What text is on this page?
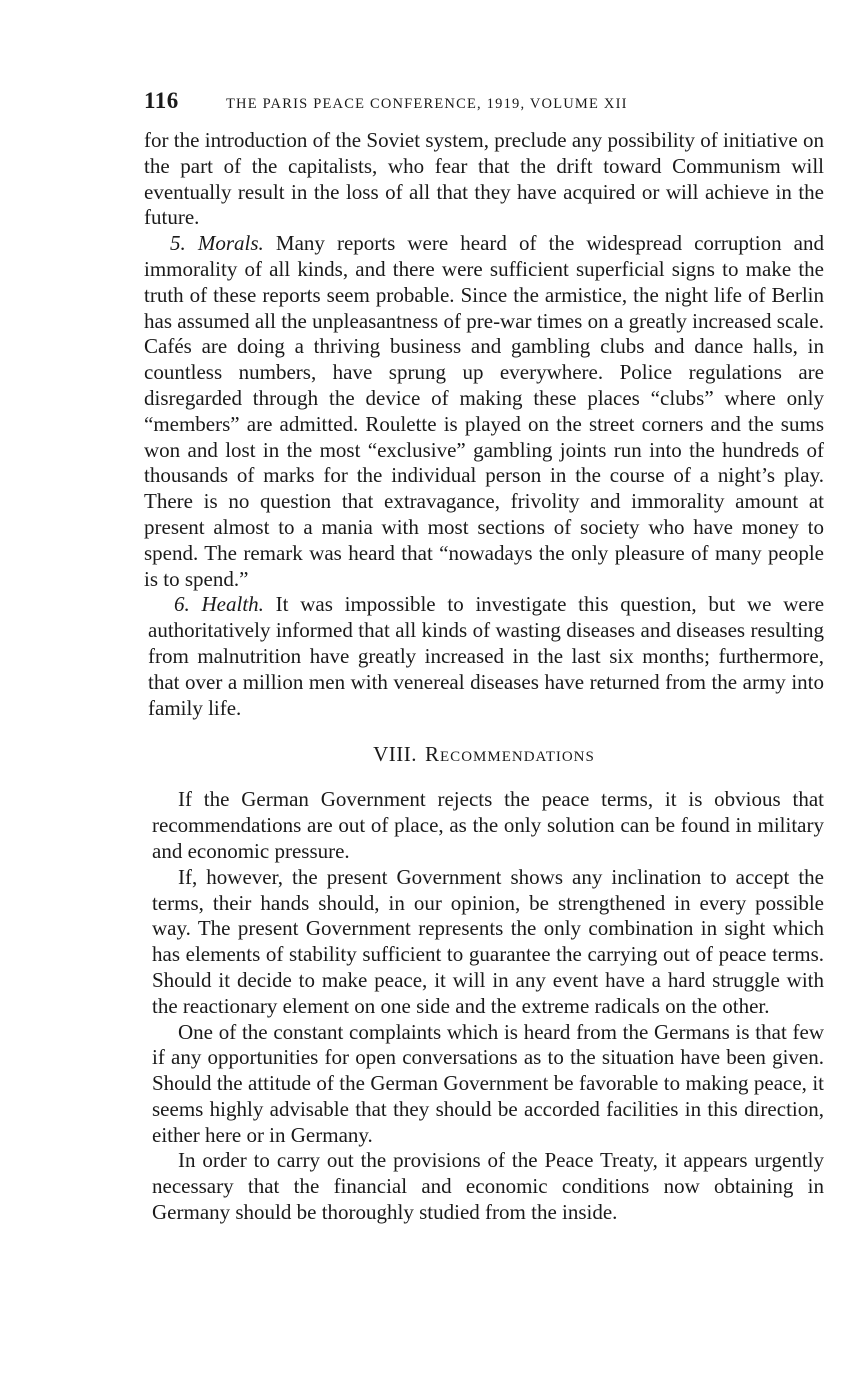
116	THE PARIS PEACE CONFERENCE, 1919, VOLUME XII

for the introduction of the Soviet system, preclude any possibility of initiative on the part of the capitalists, who fear that the drift toward Communism will eventually result in the loss of all that they have acquired or will achieve in the future.

5. Morals. Many reports were heard of the widespread corruption and immorality of all kinds, and there were sufficient superficial signs to make the truth of these reports seem probable. Since the armistice, the night life of Berlin has assumed all the unpleasantness of pre-war times on a greatly increased scale. Cafés are doing a thriving business and gambling clubs and dance halls, in countless numbers, have sprung up everywhere. Police regulations are disregarded through the device of making these places “clubs” where only “members” are admitted. Roulette is played on the street corners and the sums won and lost in the most “exclusive” gambling joints run into the hundreds of thousands of marks for the individual person in the course of a night’s play. There is no question that extravagance, frivolity and immorality amount at present almost to a mania with most sections of society who have money to spend. The remark was heard that “nowadays the only pleasure of many people is to spend.”

6. Health. It was impossible to investigate this question, but we were authoritatively informed that all kinds of wasting diseases and diseases resulting from malnutrition have greatly increased in the last six months; furthermore, that over a million men with venereal diseases have returned from the army into family life.

VIII. Recommendations

If the German Government rejects the peace terms, it is obvious that recommendations are out of place, as the only solution can be found in military and economic pressure.

If, however, the present Government shows any inclination to accept the terms, their hands should, in our opinion, be strengthened in every possible way. The present Government represents the only combination in sight which has elements of stability sufficient to guarantee the carrying out of peace terms. Should it decide to make peace, it will in any event have a hard struggle with the reactionary element on one side and the extreme radicals on the other.

One of the constant complaints which is heard from the Germans is that few if any opportunities for open conversations as to the situation have been given. Should the attitude of the German Government be favorable to making peace, it seems highly advisable that they should be accorded facilities in this direction, either here or in Germany.

In order to carry out the provisions of the Peace Treaty, it appears urgently necessary that the financial and economic conditions now obtaining in Germany should be thoroughly studied from the inside.
